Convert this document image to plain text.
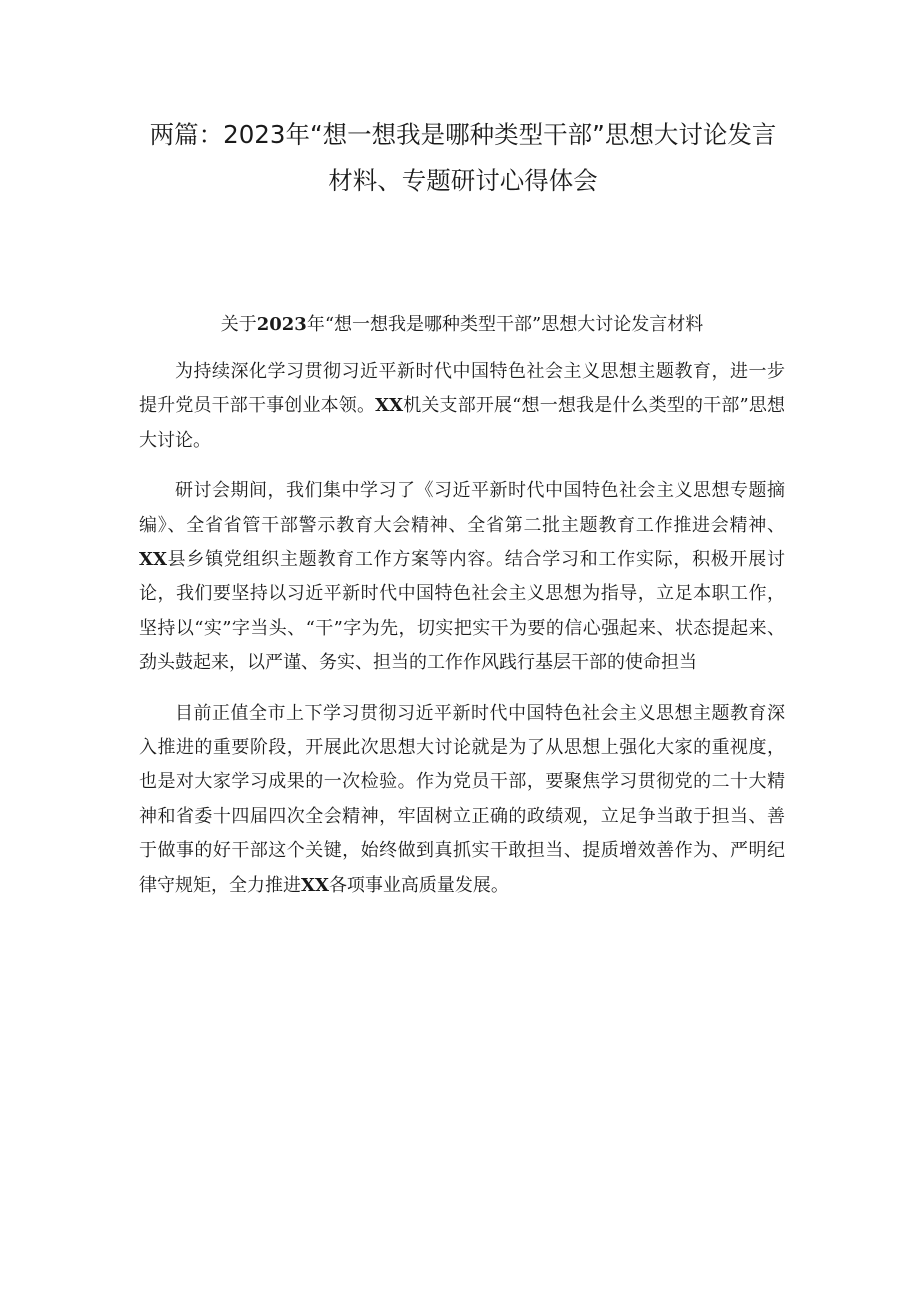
两篇：2023年“想一想我是哪种类型干部”思想大讨论发言材料、专题研讨心得体会
关于2023年“想一想我是哪种类型干部”思想大讨论发言材料

为持续深化学习贯彻习近平新时代中国特色社会主义思想主题教育，进一步提升党员干部干事创业本领。XX机关支部开展“想一想我是什么类型的干部”思想大讨论。

研讨会期间，我们集中学习了《习近平新时代中国特色社会主义思想专题摘编》、全省省管干部警示教育大会精神、全省第二批主题教育工作推进会精神、XX县乡镇党组织主题教育工作方案等内容。结合学习和工作实际，积极开展讨论，我们要坚持以习近平新时代中国特色社会主义思想为指导，立足本职工作，坚持以“实”字当头、“干”字为先，切实把实干为要的信心强起来、状态提起来、劲头鼓起来，以严谨、务实、担当的工作作风践行基层干部的使命担当

目前正值全市上下学习贯彻习近平新时代中国特色社会主义思想主题教育深入推进的重要阶段，开展此次思想大讨论就是为了从思想上强化大家的重视度，也是对大家学习成果的一次检验。作为党员干部，要聚焦学习贯彻党的二十大精神和省委十四届四次全会精神，牢固树立正确的政绩观，立足争当敢于担当、善于做事的好干部这个关键，始终做到真抓实干敢担当、提质增效善作为、严明纪律守规矩，全力推进XX各项事业高质量发展。
